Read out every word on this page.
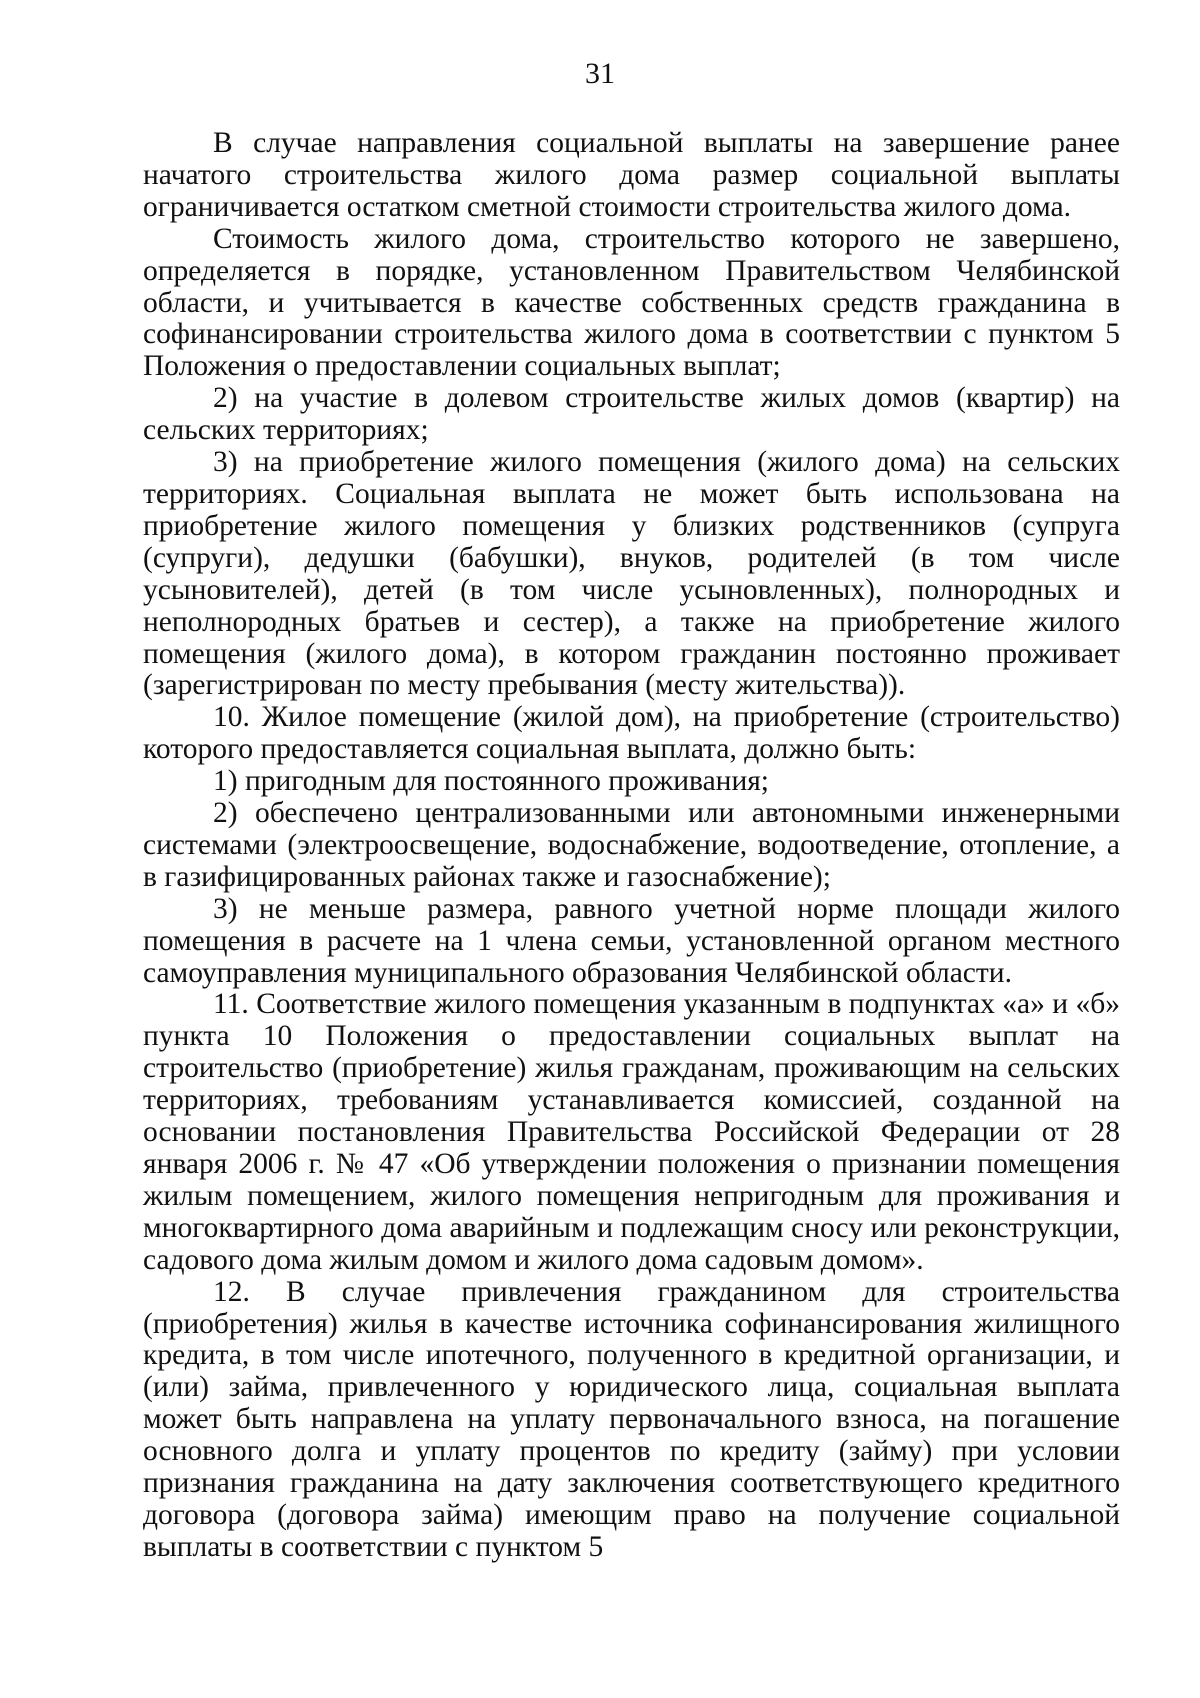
31

В случае направления социальной выплаты на завершение ранее начатого строительства жилого дома размер социальной выплаты ограничивается остатком сметной стоимости строительства жилого дома.

Стоимость жилого дома, строительство которого не завершено, определяется в порядке, установленном Правительством Челябинской области, и учитывается в качестве собственных средств гражданина в софинансировании строительства жилого дома в соответствии с пунктом 5 Положения о предоставлении социальных выплат;

2) на участие в долевом строительстве жилых домов (квартир) на сельских территориях;

3) на приобретение жилого помещения (жилого дома) на сельских территориях. Социальная выплата не может быть использована на приобретение жилого помещения у близких родственников (супруга (супруги), дедушки (бабушки), внуков, родителей (в том числе усыновителей), детей (в том числе усыновленных), полнородных и неполнородных братьев и сестер), а также на приобретение жилого помещения (жилого дома), в котором гражданин постоянно проживает (зарегистрирован по месту пребывания (месту жительства)).

10. Жилое помещение (жилой дом), на приобретение (строительство) которого предоставляется социальная выплата, должно быть:

1) пригодным для постоянного проживания;

2) обеспечено централизованными или автономными инженерными системами (электроосвещение, водоснабжение, водоотведение, отопление, а в газифицированных районах также и газоснабжение);

3) не меньше размера, равного учетной норме площади жилого помещения в расчете на 1 члена семьи, установленной органом местного самоуправления муниципального образования Челябинской области.

11. Соответствие жилого помещения указанным в подпунктах «а» и «б» пункта 10 Положения о предоставлении социальных выплат на строительство (приобретение) жилья гражданам, проживающим на сельских территориях, требованиям устанавливается комиссией, созданной на основании постановления Правительства Российской Федерации от 28 января 2006 г. № 47 «Об утверждении положения о признании помещения жилым помещением, жилого помещения непригодным для проживания и многоквартирного дома аварийным и подлежащим сносу или реконструкции, садового дома жилым домом и жилого дома садовым домом».

12. В случае привлечения гражданином для строительства (приобретения) жилья в качестве источника софинансирования жилищного кредита, в том числе ипотечного, полученного в кредитной организации, и (или) займа, привлеченного у юридического лица, социальная выплата может быть направлена на уплату первоначального взноса, на погашение основного долга и уплату процентов по кредиту (займу) при условии признания гражданина на дату заключения соответствующего кредитного договора (договора займа) имеющим право на получение социальной выплаты в соответствии с пунктом 5
